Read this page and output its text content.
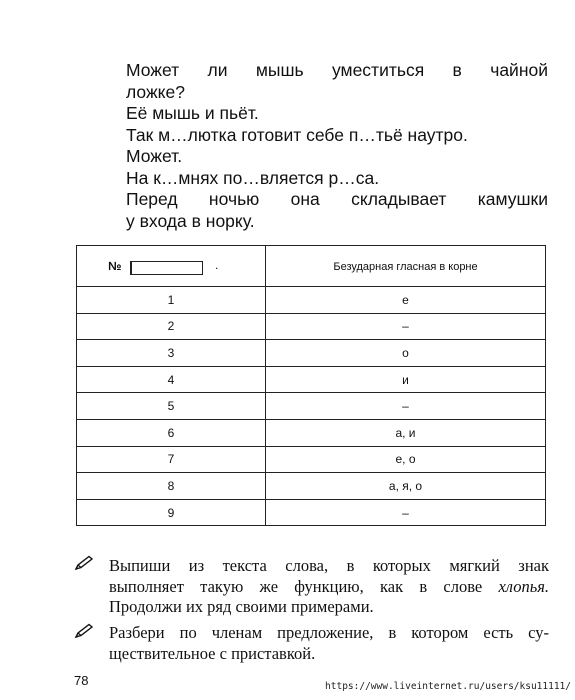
Может ли мышь уместиться в чайной
ложке?
Её мышь и пьёт.
Так м…лютка готовит себе п…тьё наутро.
Может.
На к…мнях по…вляется р…са.
Перед ночью она складывает камушки
у входа в норку.
№ .	Безударная гласная в корне
1	е
2	–
3	о
4	и
5	–
6	а, и
7	е, о
8	а, я, о
9	–
Выпиши из текста слова, в которых мягкий знак
выполняет такую же функцию, как в слове хлопья.
Продолжи их ряд своими примерами.
Разбери по членам предложение, в котором есть су-
ществительное с приставкой.
78	https://www.liveinternet.ru/users/ksu11111/
